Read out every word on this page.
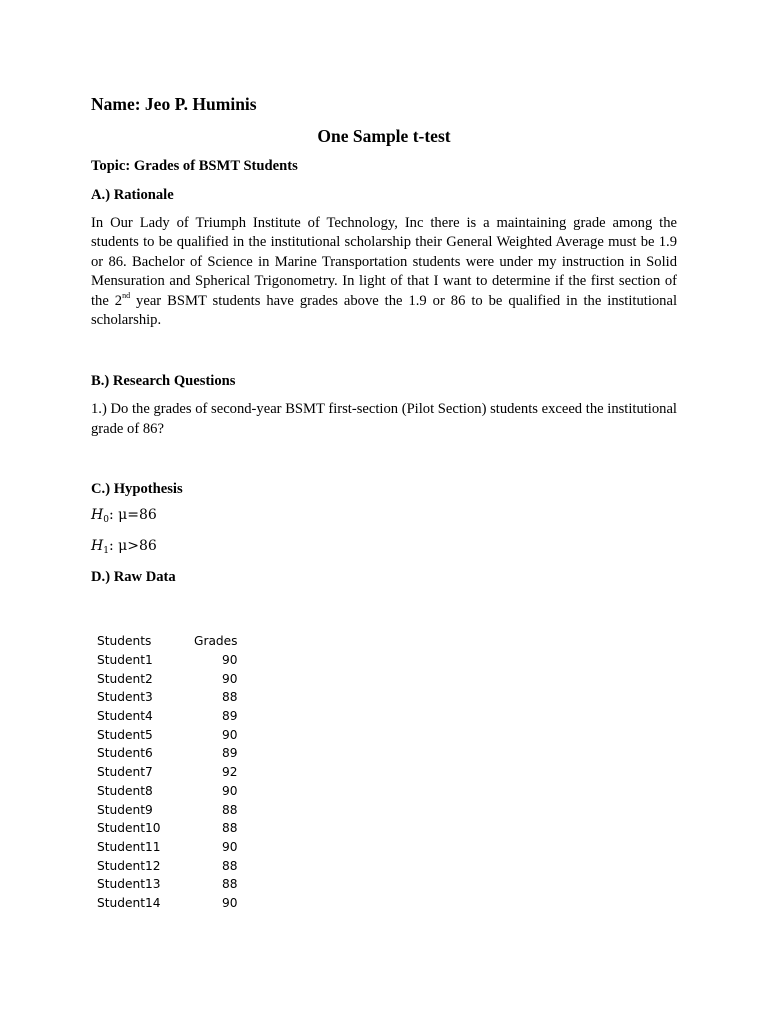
Name: Jeo P. Huminis

One Sample t-test

Topic: Grades of BSMT Students

A.) Rationale

In Our Lady of Triumph Institute of Technology, Inc there is a maintaining grade among the students to be qualified in the institutional scholarship their General Weighted Average must be 1.9 or 86. Bachelor of Science in Marine Transportation students were under my instruction in Solid Mensuration and Spherical Trigonometry. In light of that I want to determine if the first section of the 2nd year BSMT students have grades above the 1.9 or 86 to be qualified in the institutional scholarship.

B.) Research Questions

1.) Do the grades of second-year BSMT first-section (Pilot Section) students exceed the institutional grade of 86?

C.) Hypothesis

$H_0$: μ=86

$H_1$: μ>86

D.) Raw Data

Students	Grades
Student1	90
Student2	90
Student3	88
Student4	89
Student5	90
Student6	89
Student7	92
Student8	90
Student9	88
Student10	88
Student11	90
Student12	88
Student13	88
Student14	90
